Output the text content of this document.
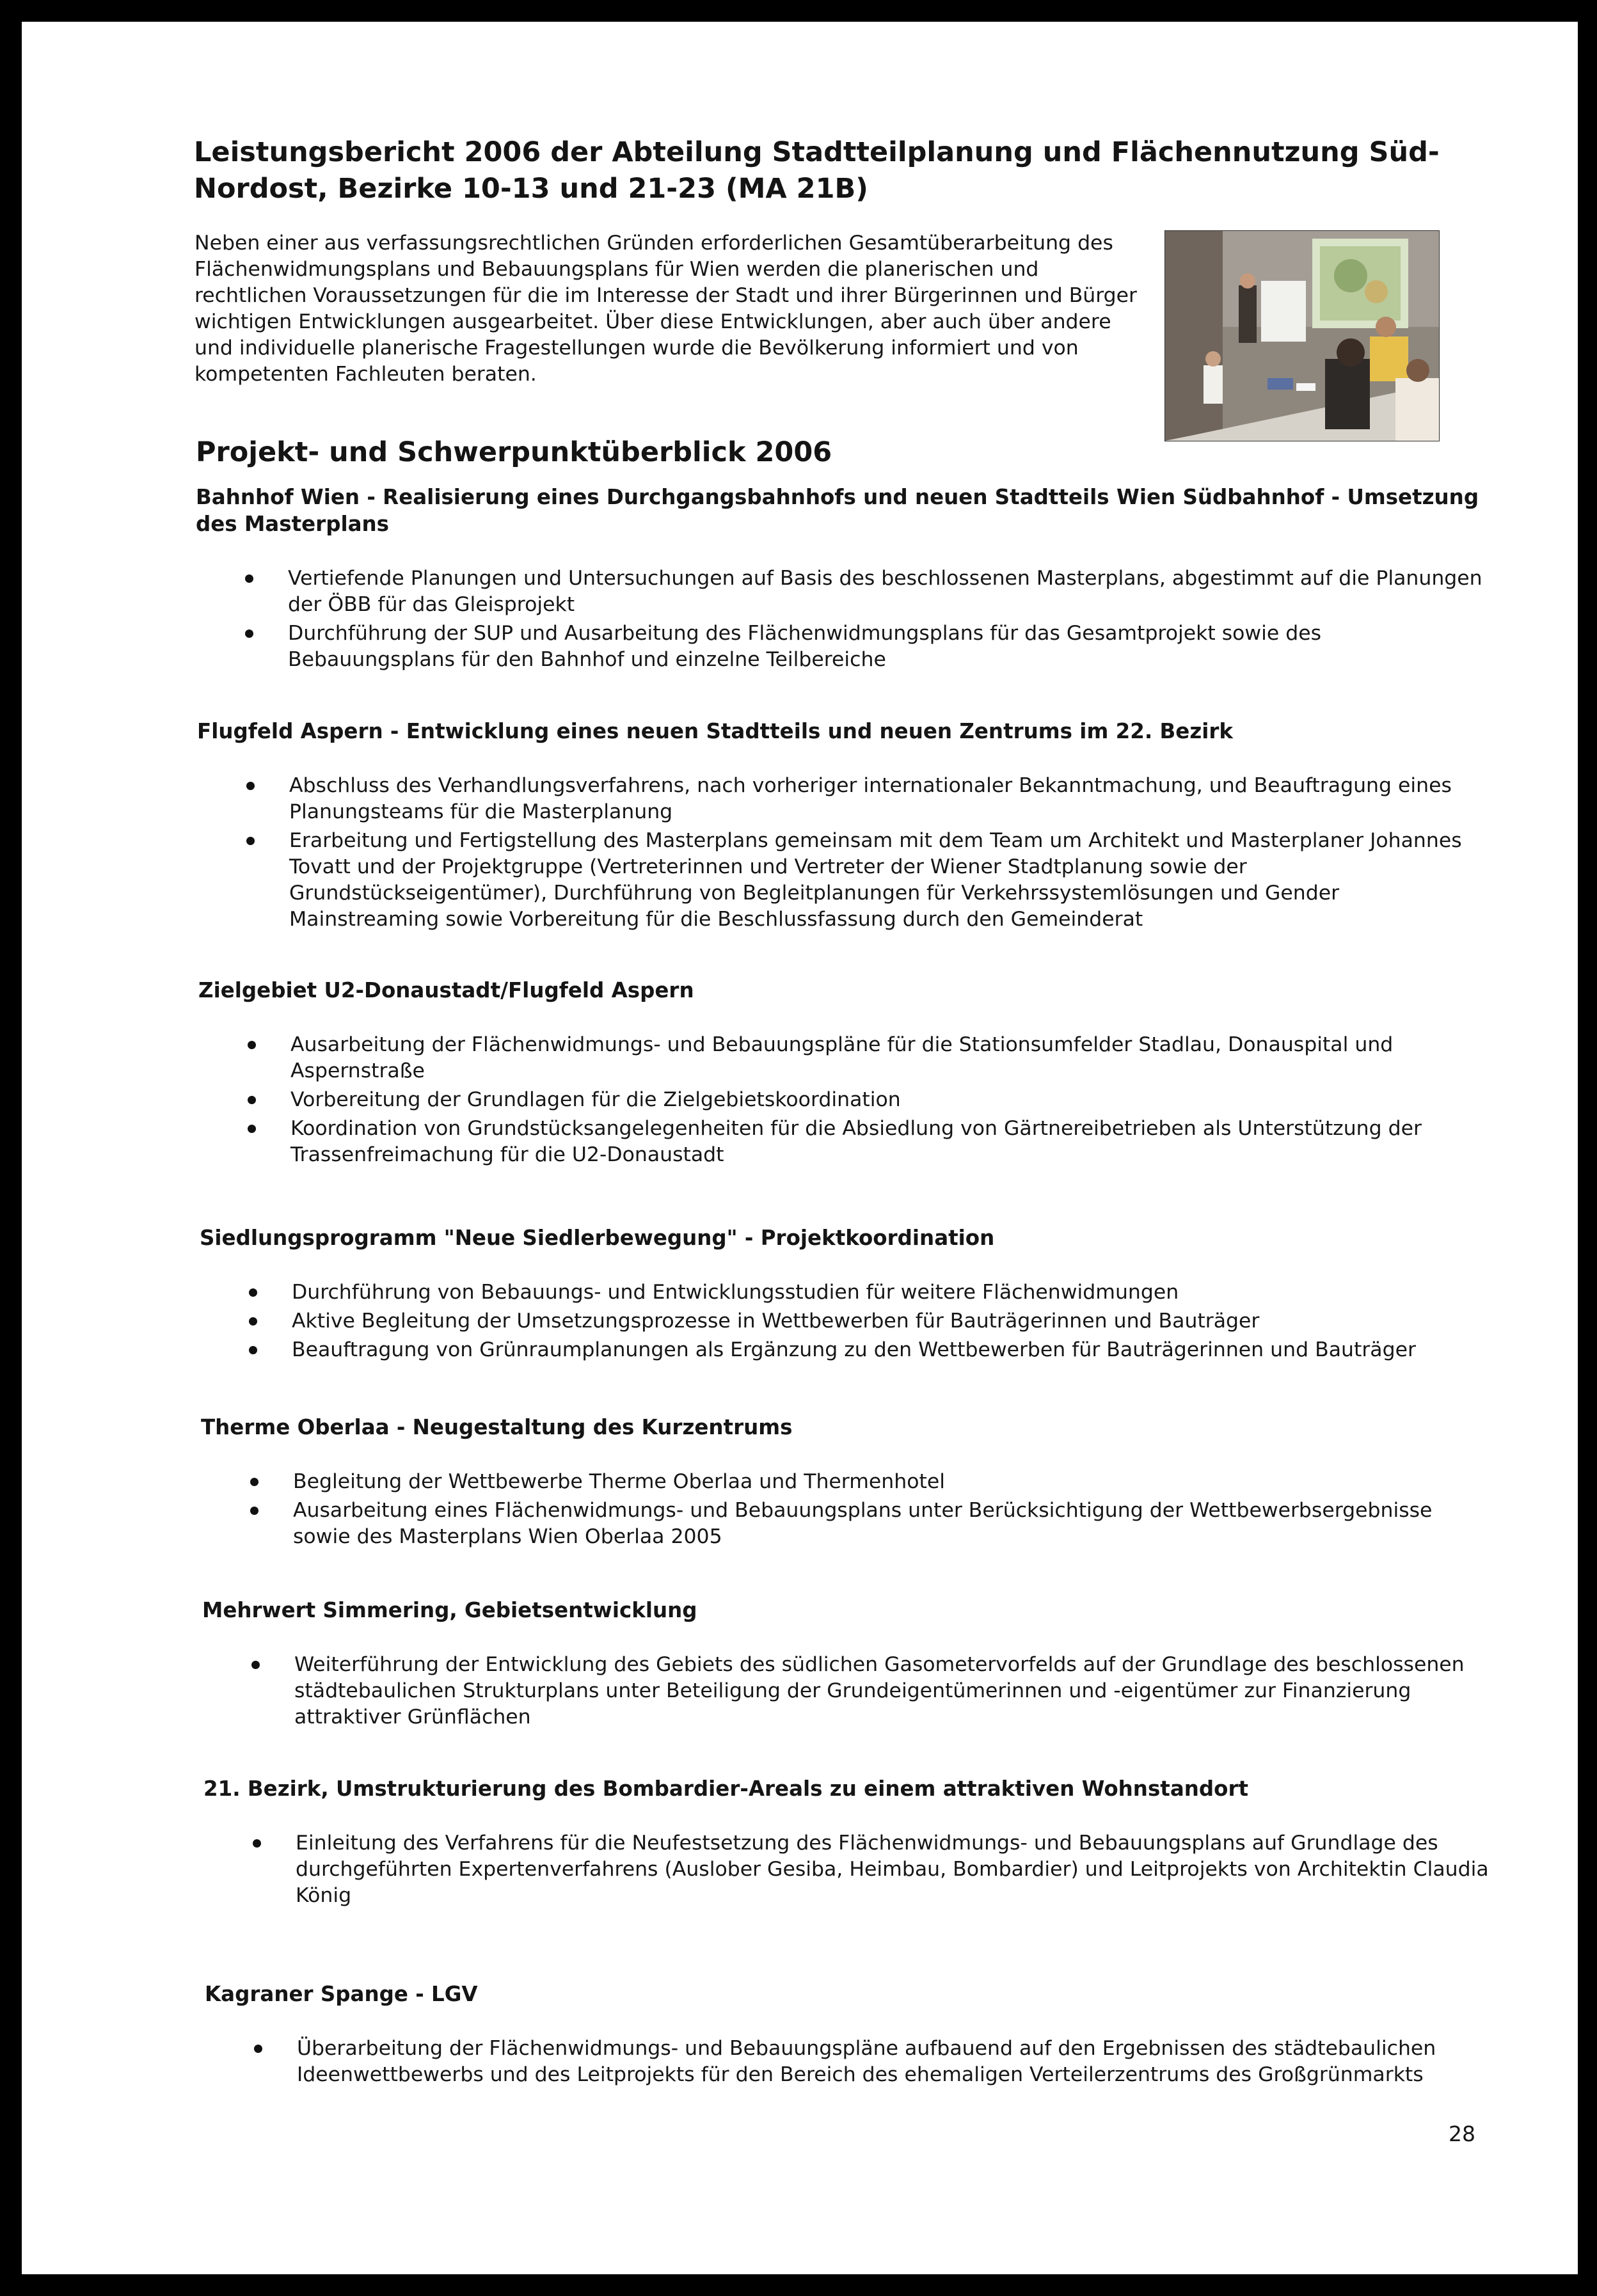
Leistungsbericht 2006 der Abteilung Stadtteilplanung und Flächennutzung Süd-Nordost, Bezirke 10-13 und 21-23 (MA 21B)

Neben einer aus verfassungsrechtlichen Gründen erforderlichen Gesamtüberarbeitung des Flächenwidmungsplans und Bebauungsplans für Wien werden die planerischen und rechtlichen Voraussetzungen für die im Interesse der Stadt und ihrer Bürgerinnen und Bürger wichtigen Entwicklungen ausgearbeitet. Über diese Entwicklungen, aber auch über andere und individuelle planerische Fragestellungen wurde die Bevölkerung informiert und von kompetenten Fachleuten beraten.

Projekt- und Schwerpunktüberblick 2006

Bahnhof Wien - Realisierung eines Durchgangsbahnhofs und neuen Stadtteils Wien Südbahnhof - Umsetzung des Masterplans

Vertiefende Planungen und Untersuchungen auf Basis des beschlossenen Masterplans, abgestimmt auf die Planungen der ÖBB für das Gleisprojekt
Durchführung der SUP und Ausarbeitung des Flächenwidmungsplans für das Gesamtprojekt sowie des Bebauungsplans für den Bahnhof und einzelne Teilbereiche

Flugfeld Aspern - Entwicklung eines neuen Stadtteils und neuen Zentrums im 22. Bezirk

Abschluss des Verhandlungsverfahrens, nach vorheriger internationaler Bekanntmachung, und Beauftragung eines Planungsteams für die Masterplanung
Erarbeitung und Fertigstellung des Masterplans gemeinsam mit dem Team um Architekt und Masterplaner Johannes Tovatt und der Projektgruppe (Vertreterinnen und Vertreter der Wiener Stadtplanung sowie der Grundstückseigentümer), Durchführung von Begleitplanungen für Verkehrssystemlösungen und Gender Mainstreaming sowie Vorbereitung für die Beschlussfassung durch den Gemeinderat

Zielgebiet U2-Donaustadt/Flugfeld Aspern

Ausarbeitung der Flächenwidmungs- und Bebauungspläne für die Stationsumfelder Stadlau, Donauspital und Aspernstraße
Vorbereitung der Grundlagen für die Zielgebietskoordination
Koordination von Grundstücksangelegenheiten für die Absiedlung von Gärtnereibetrieben als Unterstützung der Trassenfreimachung für die U2-Donaustadt

Siedlungsprogramm "Neue Siedlerbewegung" - Projektkoordination

Durchführung von Bebauungs- und Entwicklungsstudien für weitere Flächenwidmungen
Aktive Begleitung der Umsetzungsprozesse in Wettbewerben für Bauträgerinnen und Bauträger
Beauftragung von Grünraumplanungen als Ergänzung zu den Wettbewerben für Bauträgerinnen und Bauträger

Therme Oberlaa - Neugestaltung des Kurzentrums

Begleitung der Wettbewerbe Therme Oberlaa und Thermenhotel
Ausarbeitung eines Flächenwidmungs- und Bebauungsplans unter Berücksichtigung der Wettbewerbsergebnisse sowie des Masterplans Wien Oberlaa 2005

Mehrwert Simmering, Gebietsentwicklung

Weiterführung der Entwicklung des Gebiets des südlichen Gasometervorfelds auf der Grundlage des beschlossenen städtebaulichen Strukturplans unter Beteiligung der Grundeigentümerinnen und -eigentümer zur Finanzierung attraktiver Grünflächen

21. Bezirk, Umstrukturierung des Bombardier-Areals zu einem attraktiven Wohnstandort

Einleitung des Verfahrens für die Neufestsetzung des Flächenwidmungs- und Bebauungsplans auf Grundlage des durchgeführten Expertenverfahrens (Auslober Gesiba, Heimbau, Bombardier) und Leitprojekts von Architektin Claudia König

Kagraner Spange - LGV

Überarbeitung der Flächenwidmungs- und Bebauungspläne aufbauend auf den Ergebnissen des städtebaulichen Ideenwettbewerbs und des Leitprojekts für den Bereich des ehemaligen Verteilerzentrums des Großgrünmarkts
28
